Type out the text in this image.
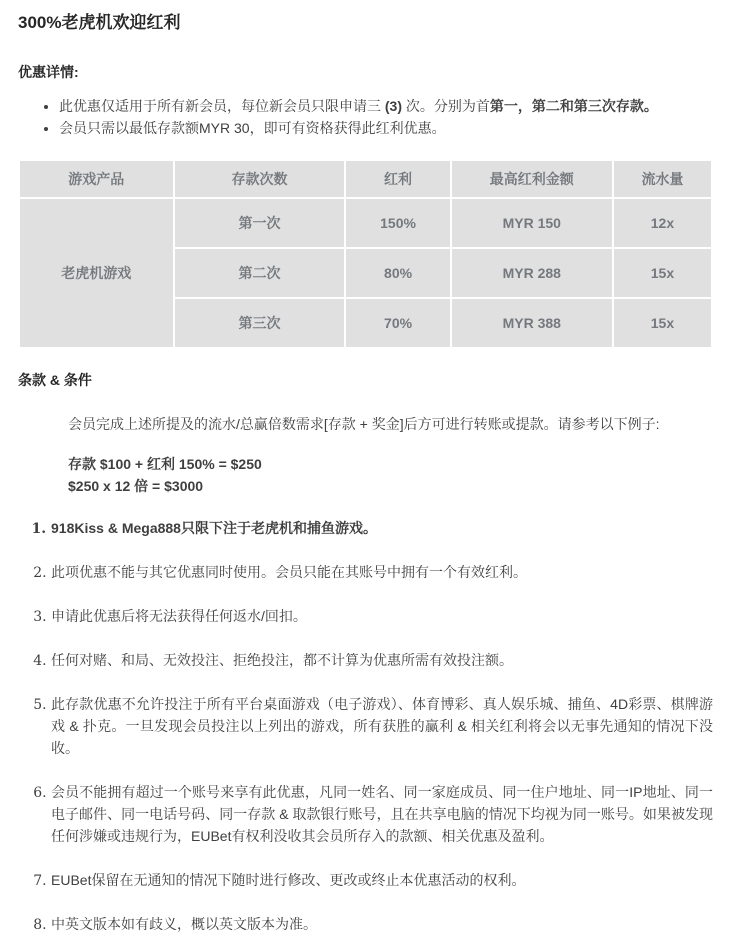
300%老虎机欢迎红利
优惠详情:
• 此优惠仅适用于所有新会员，每位新会员只限申请三 (3) 次。分别为首第一，第二和第三次存款。
• 会员只需以最低存款额MYR 30，即可有资格获得此红利优惠。
游戏产品	存款次数	红利	最高红利金额	流水量
老虎机游戏	第一次	150%	MYR 150	12x
	第二次	80%	MYR 288	15x
	第三次	70%	MYR 388	15x
条款 & 条件

会员完成上述所提及的流水/总赢倍数需求[存款 + 奖金]后方可进行转账或提款。请参考以下例子:

存款 $100 + 红利 150% = $250
$250 x 12 倍 = $3000
1. 918Kiss & Mega888只限下注于老虎机和捕鱼游戏。
2. 此项优惠不能与其它优惠同时使用。会员只能在其账号中拥有一个有效红利。
3. 申请此优惠后将无法获得任何返水/回扣。
4. 任何对赌、和局、无效投注、拒绝投注，都不计算为优惠所需有效投注额。
5. 此存款优惠不允许投注于所有平台桌面游戏（电子游戏）、体育博彩、真人娱乐城、捕鱼、4D彩票、棋牌游戏 & 扑克。一旦发现会员投注以上列出的游戏，所有获胜的赢利 & 相关红利将会以无事先通知的情况下没收。
6. 会员不能拥有超过一个账号来享有此优惠，凡同一姓名、同一家庭成员、同一住户地址、同一IP地址、同一电子邮件、同一电话号码、同一存款 & 取款银行账号，且在共享电脑的情况下均视为同一账号。如果被发现任何涉嫌或违规行为，EUBet有权利没收其会员所存入的款额、相关优惠及盈利。
7. EUBet保留在无通知的情况下随时进行修改、更改或终止本优惠活动的权利。
8. 中英文版本如有歧义，概以英文版本为准。
